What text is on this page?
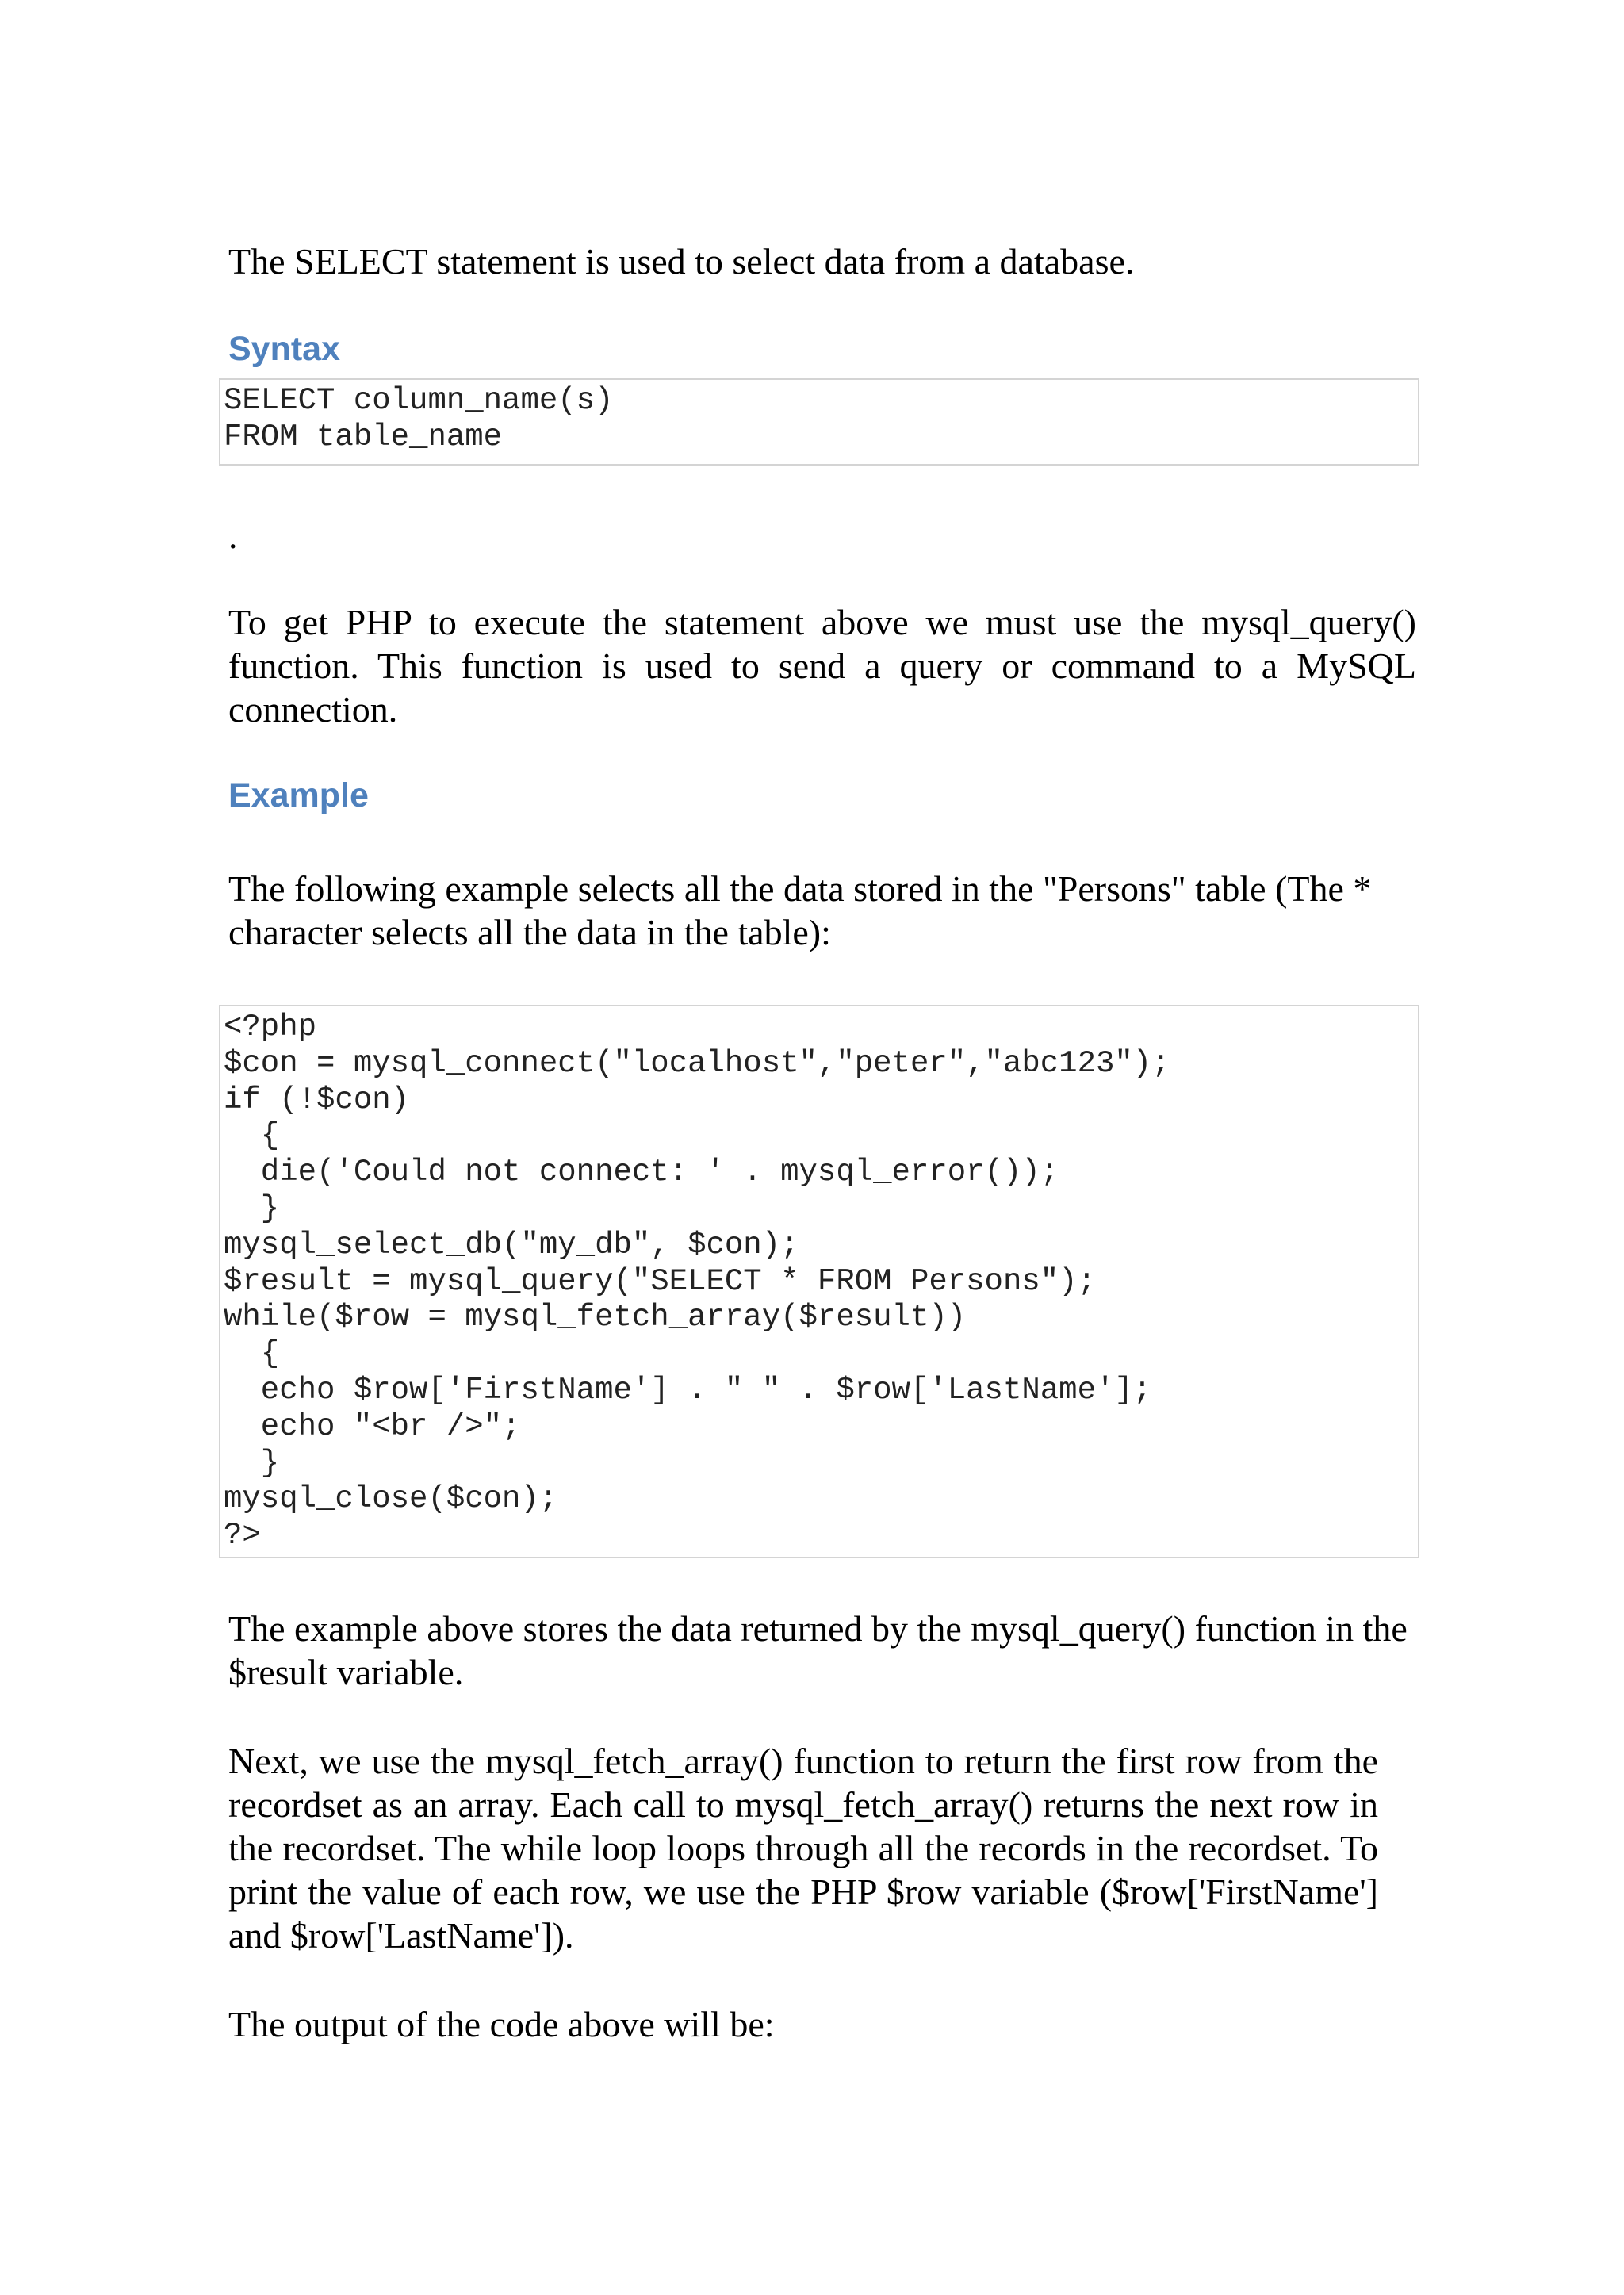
The SELECT statement is used to select data from a database.

Syntax
SELECT column_name(s)
FROM table_name

.

To get PHP to execute the statement above we must use the mysql_query() function. This function is used to send a query or command to a MySQL connection.

Example

The following example selects all the data stored in the "Persons" table (The * character selects all the data in the table):

<?php
$con = mysql_connect("localhost","peter","abc123");
if (!$con)
{
die('Could not connect: ' . mysql_error());
}
mysql_select_db("my_db", $con);
$result = mysql_query("SELECT * FROM Persons");
while($row = mysql_fetch_array($result))
{
echo $row['FirstName'] . " " . $row['LastName'];
echo "<br />";
}
mysql_close($con);
?>

The example above stores the data returned by the mysql_query() function in the $result variable.

Next, we use the mysql_fetch_array() function to return the first row from the recordset as an array. Each call to mysql_fetch_array() returns the next row in the recordset. The while loop loops through all the records in the recordset. To print the value of each row, we use the PHP $row variable ($row['FirstName'] and $row['LastName']).

The output of the code above will be:
